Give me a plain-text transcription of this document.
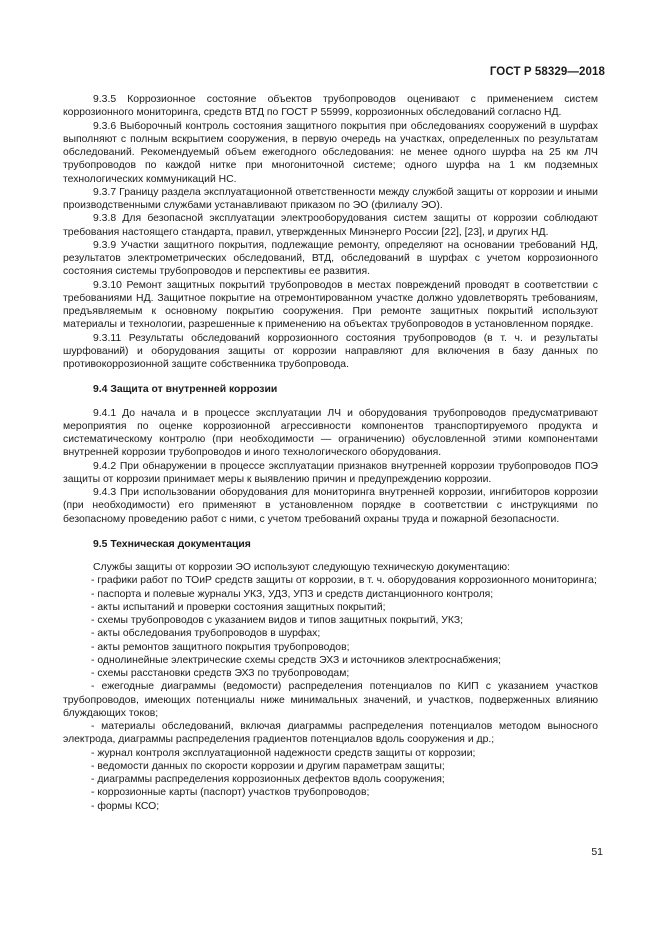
ГОСТ Р 58329—2018

9.3.5 Коррозионное состояние объектов трубопроводов оценивают с применением систем коррозионного мониторинга, средств ВТД по ГОСТ Р 55999, коррозионных обследований согласно НД.

9.3.6 Выборочный контроль состояния защитного покрытия при обследованиях сооружений в шурфах выполняют с полным вскрытием сооружения, в первую очередь на участках, определенных по результатам обследований. Рекомендуемый объем ежегодного обследования: не менее одного шурфа на 25 км ЛЧ трубопроводов по каждой нитке при многониточной системе; одного шурфа на 1 км подземных технологических коммуникаций НС.

9.3.7 Границу раздела эксплуатационной ответственности между службой защиты от коррозии и иными производственными службами устанавливают приказом по ЭО (филиалу ЭО).

9.3.8 Для безопасной эксплуатации электрооборудования систем защиты от коррозии соблюдают требования настоящего стандарта, правил, утвержденных Минэнерго России [22], [23], и других НД.

9.3.9 Участки защитного покрытия, подлежащие ремонту, определяют на основании требований НД, результатов электрометрических обследований, ВТД, обследований в шурфах с учетом коррозионного состояния системы трубопроводов и перспективы ее развития.

9.3.10 Ремонт защитных покрытий трубопроводов в местах повреждений проводят в соответствии с требованиями НД. Защитное покрытие на отремонтированном участке должно удовлетворять требованиям, предъявляемым к основному покрытию сооружения. При ремонте защитных покрытий используют материалы и технологии, разрешенные к применению на объектах трубопроводов в установленном порядке.

9.3.11 Результаты обследований коррозионного состояния трубопроводов (в т. ч. и результаты шурфований) и оборудования защиты от коррозии направляют для включения в базу данных по противокоррозионной защите собственника трубопровода.

9.4 Защита от внутренней коррозии

9.4.1 До начала и в процессе эксплуатации ЛЧ и оборудования трубопроводов предусматривают мероприятия по оценке коррозионной агрессивности компонентов транспортируемого продукта и систематическому контролю (при необходимости — ограничению) обусловленной этими компонентами внутренней коррозии трубопроводов и иного технологического оборудования.

9.4.2 При обнаружении в процессе эксплуатации признаков внутренней коррозии трубопроводов ПОЭ защиты от коррозии принимает меры к выявлению причин и предупреждению коррозии.

9.4.3 При использовании оборудования для мониторинга внутренней коррозии, ингибиторов коррозии (при необходимости) его применяют в установленном порядке в соответствии с инструкциями по безопасному проведению работ с ними, с учетом требований охраны труда и пожарной безопасности.

9.5 Техническая документация

Службы защиты от коррозии ЭО используют следующую техническую документацию:

- графики работ по ТОиР средств защиты от коррозии, в т. ч. оборудования коррозионного мониторинга;

- паспорта и полевые журналы УКЗ, УДЗ, УПЗ и средств дистанционного контроля;

- акты испытаний и проверки состояния защитных покрытий;

- схемы трубопроводов с указанием видов и типов защитных покрытий, УКЗ;

- акты обследования трубопроводов в шурфах;

- акты ремонтов защитного покрытия трубопроводов;

- однолинейные электрические схемы средств ЭХЗ и источников электроснабжения;

- схемы расстановки средств ЭХЗ по трубопроводам;

- ежегодные диаграммы (ведомости) распределения потенциалов по КИП с указанием участков трубопроводов, имеющих потенциалы ниже минимальных значений, и участков, подверженных влиянию блуждающих токов;

- материалы обследований, включая диаграммы распределения потенциалов методом выносного электрода, диаграммы распределения градиентов потенциалов вдоль сооружения и др.;

- журнал контроля эксплуатационной надежности средств защиты от коррозии;

- ведомости данных по скорости коррозии и другим параметрам защиты;

- диаграммы распределения коррозионных дефектов вдоль сооружения;

- коррозионные карты (паспорт) участков трубопроводов;

- формы КСО;

51
